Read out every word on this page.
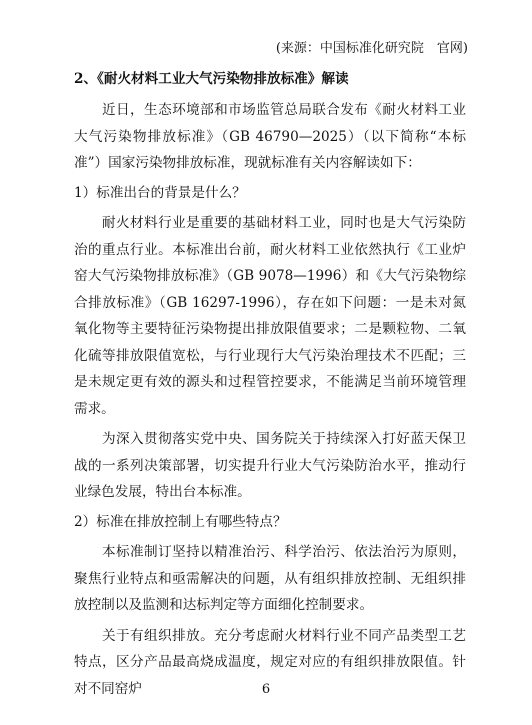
(来源：中国标准化研究院　官网)
2、《耐火材料工业大气污染物排放标准》解读

近日，生态环境部和市场监管总局联合发布《耐火材料工业大气污染物排放标准》（GB 46790—2025）（以下简称“本标准”）国家污染物排放标准，现就标准有关内容解读如下：

1）标准出台的背景是什么？

耐火材料行业是重要的基础材料工业，同时也是大气污染防治的重点行业。本标准出台前，耐火材料工业依然执行《工业炉窑大气污染物排放标准》（GB 9078—1996）和《大气污染物综合排放标准》（GB 16297-1996），存在如下问题：一是未对氮氧化物等主要特征污染物提出排放限值要求；二是颗粒物、二氧化硫等排放限值宽松，与行业现行大气污染治理技术不匹配；三是未规定更有效的源头和过程管控要求，不能满足当前环境管理需求。

为深入贯彻落实党中央、国务院关于持续深入打好蓝天保卫战的一系列决策部署，切实提升行业大气污染防治水平，推动行业绿色发展，特出台本标准。

2）标准在排放控制上有哪些特点？

本标准制订坚持以精准治污、科学治污、依法治污为原则，聚焦行业特点和亟需解决的问题，从有组织排放控制、无组织排放控制以及监测和达标判定等方面细化控制要求。

关于有组织排放。充分考虑耐火材料行业不同产品类型工艺特点，区分产品最高烧成温度，规定对应的有组织排放限值。针对不同窑炉	6
